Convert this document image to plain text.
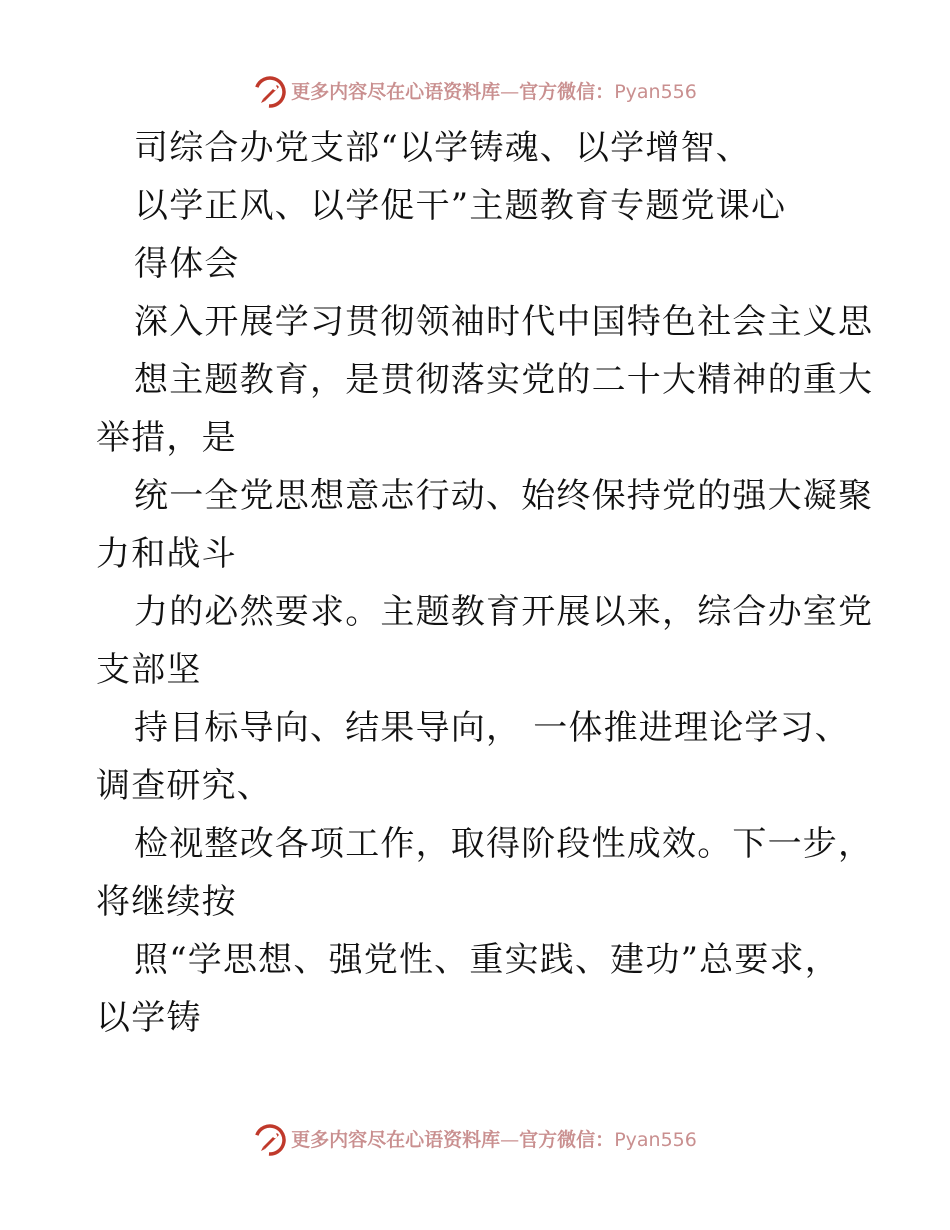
更多内容尽在心语资料库—官方微信：Pyan556
司综合办党支部“以学铸魂、以学增智、
以学正风、以学促干”主题教育专题党课心
得体会
深入开展学习贯彻领袖时代中国特色社会主义思
想主题教育，是贯彻落实党的二十大精神的重大
举措，是
统一全党思想意志行动、始终保持党的强大凝聚
力和战斗
力的必然要求。主题教育开展以来，综合办室党
支部坚
持目标导向、结果导向， 一体推进理论学习、
调查研究、
检视整改各项工作，取得阶段性成效。下一步，
将继续按
照“学思想、强党性、重实践、建功”总要求，
以学铸
更多内容尽在心语资料库—官方微信：Pyan556
